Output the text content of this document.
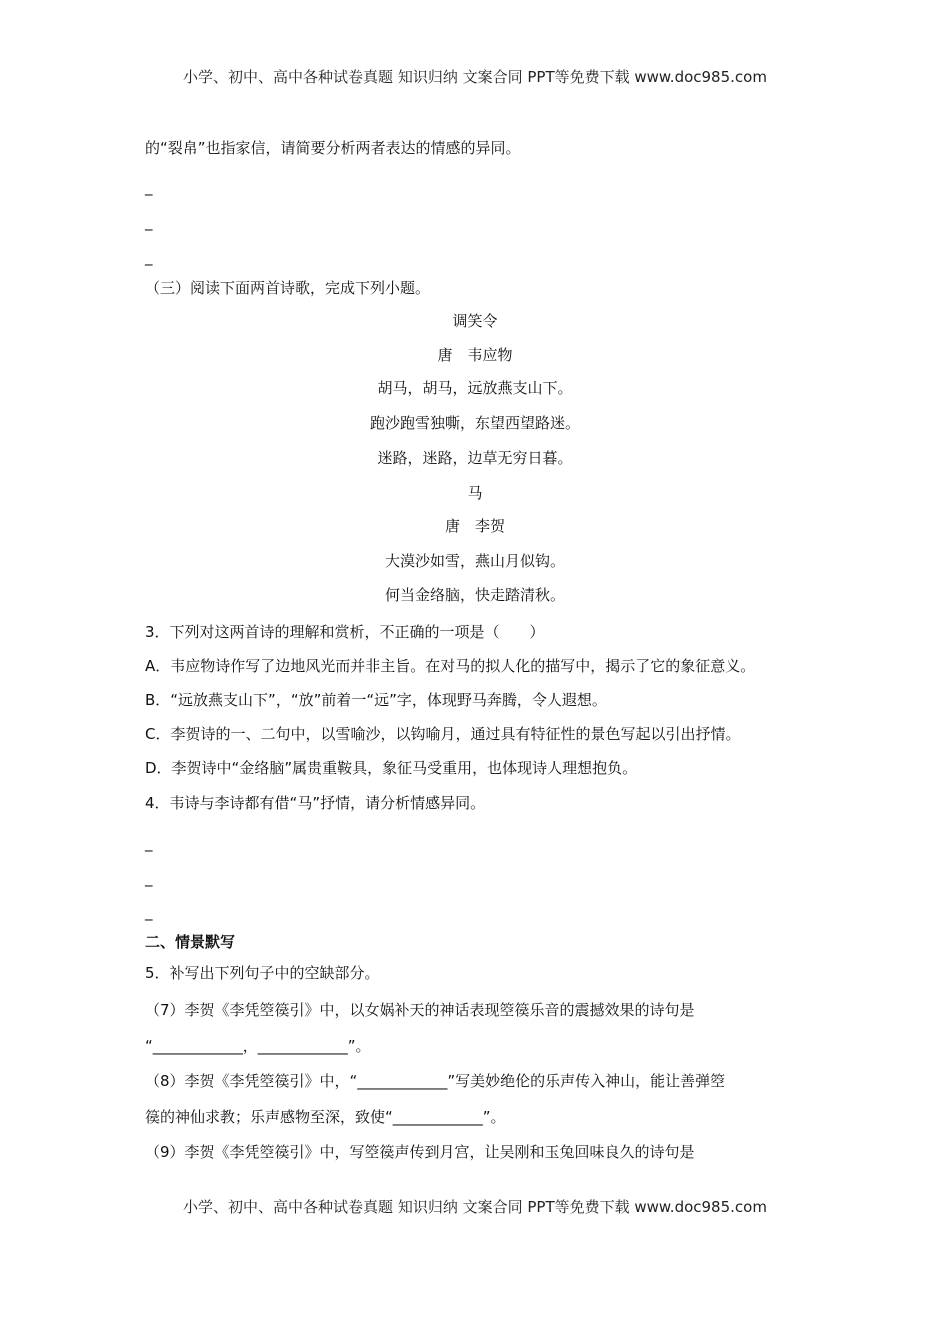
小学、初中、高中各种试卷真题 知识归纳 文案合同 PPT等免费下载 www.doc985.com
的“裂帛”也指家信，请简要分析两者表达的情感的异同。
_
_
_
（三）阅读下面两首诗歌，完成下列小题。
调笑令
唐　韦应物
胡马，胡马，远放燕支山下。
跑沙跑雪独嘶，东望西望路迷。
迷路，迷路，边草无穷日暮。
马
唐　李贺
大漠沙如雪，燕山月似钩。
何当金络脑，快走踏清秋。
3．下列对这两首诗的理解和赏析，不正确的一项是（　　）
A．韦应物诗作写了边地风光而并非主旨。在对马的拟人化的描写中，揭示了它的象征意义。
B．“远放燕支山下”，“放”前着一“远”字，体现野马奔腾，令人遐想。
C．李贺诗的一、二句中，以雪喻沙，以钩喻月，通过具有特征性的景色写起以引出抒情。
D．李贺诗中“金络脑”属贵重鞍具，象征马受重用，也体现诗人理想抱负。
4．韦诗与李诗都有借“马”抒情，请分析情感异同。
_
_
_
二、情景默写
5．补写出下列句子中的空缺部分。
（7）李贺《李凭箜篌引》中，以女娲补天的神话表现箜篌乐音的震撼效果的诗句是
“____________，____________”。
（8）李贺《李凭箜篌引》中，“____________”写美妙绝伦的乐声传入神山，能让善弹箜
篌的神仙求教；乐声感物至深，致使“____________”。
（9）李贺《李凭箜篌引》中，写箜篌声传到月宫，让吴刚和玉兔回味良久的诗句是
小学、初中、高中各种试卷真题 知识归纳 文案合同 PPT等免费下载 www.doc985.com
